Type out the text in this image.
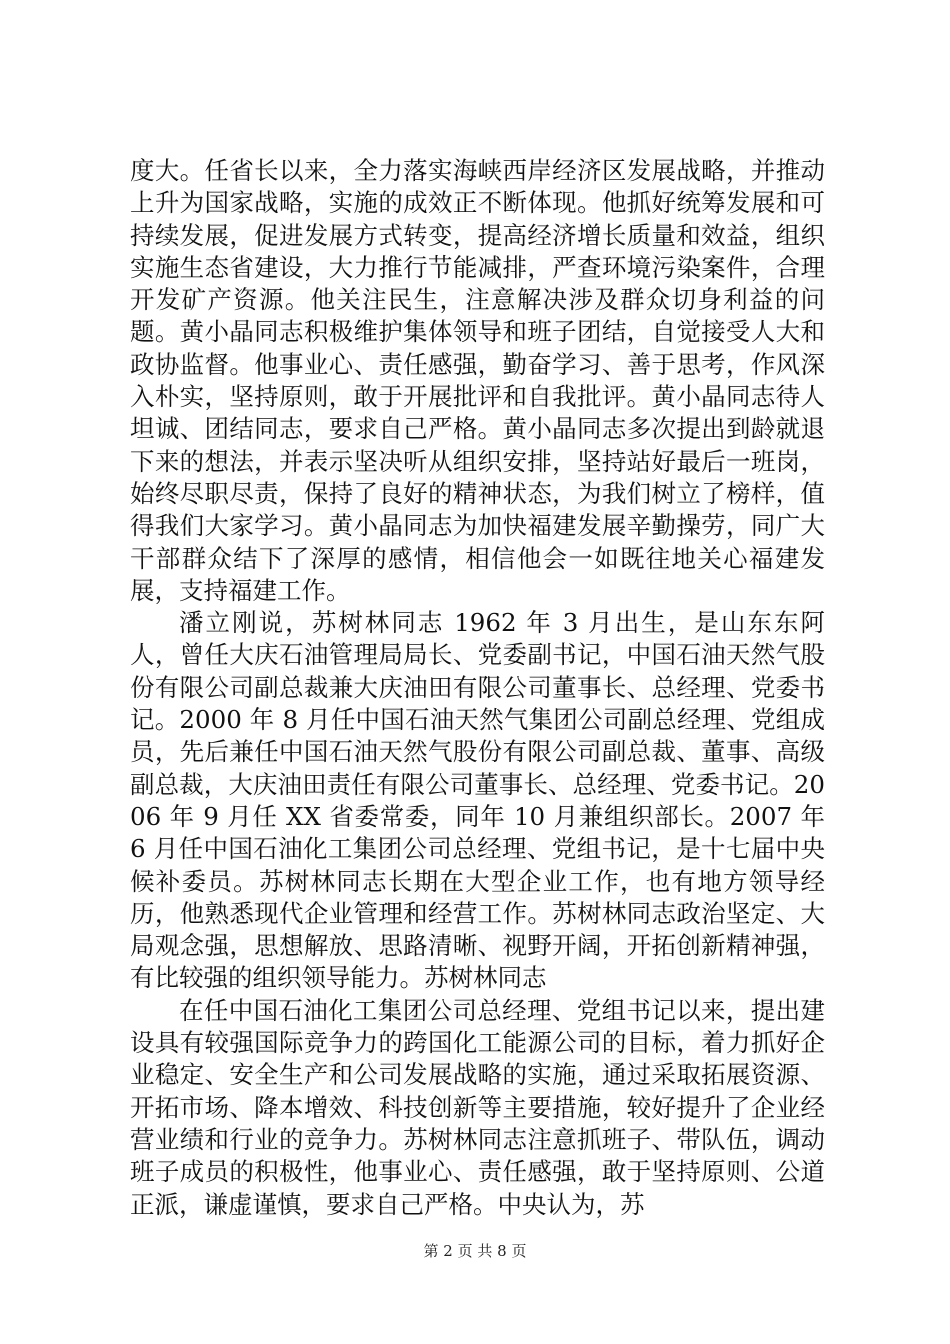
度大。任省长以来，全力落实海峡西岸经济区发展战略，并推动上升为国家战略，实施的成效正不断体现。他抓好统筹发展和可持续发展，促进发展方式转变，提高经济增长质量和效益，组织实施生态省建设，大力推行节能减排，严查环境污染案件，合理开发矿产资源。他关注民生，注意解决涉及群众切身利益的问题。黄小晶同志积极维护集体领导和班子团结，自觉接受人大和政协监督。他事业心、责任感强，勤奋学习、善于思考，作风深入朴实，坚持原则，敢于开展批评和自我批评。黄小晶同志待人坦诚、团结同志，要求自己严格。黄小晶同志多次提出到龄就退下来的想法，并表示坚决听从组织安排，坚持站好最后一班岗，始终尽职尽责，保持了良好的精神状态，为我们树立了榜样，值得我们大家学习。黄小晶同志为加快福建发展辛勤操劳，同广大干部群众结下了深厚的感情，相信他会一如既往地关心福建发展，支持福建工作。

潘立刚说，苏树林同志 1962 年 3 月出生，是山东东阿人，曾任大庆石油管理局局长、党委副书记，中国石油天然气股份有限公司副总裁兼大庆油田有限公司董事长、总经理、党委书记。2000 年 8 月任中国石油天然气集团公司副总经理、党组成员，先后兼任中国石油天然气股份有限公司副总裁、董事、高级副总裁，大庆油田责任有限公司董事长、总经理、党委书记。2006 年 9 月任 XX 省委常委，同年 10 月兼组织部长。2007 年 6 月任中国石油化工集团公司总经理、党组书记，是十七届中央候补委员。苏树林同志长期在大型企业工作，也有地方领导经历，他熟悉现代企业管理和经营工作。苏树林同志政治坚定、大局观念强，思想解放、思路清晰、视野开阔，开拓创新精神强，有比较强的组织领导能力。苏树林同志

在任中国石油化工集团公司总经理、党组书记以来，提出建设具有较强国际竞争力的跨国化工能源公司的目标，着力抓好企业稳定、安全生产和公司发展战略的实施，通过采取拓展资源、开拓市场、降本增效、科技创新等主要措施，较好提升了企业经营业绩和行业的竞争力。苏树林同志注意抓班子、带队伍，调动班子成员的积极性，他事业心、责任感强，敢于坚持原则、公道正派，谦虚谨慎，要求自己严格。中央认为，苏

第 2 页 共 8 页
